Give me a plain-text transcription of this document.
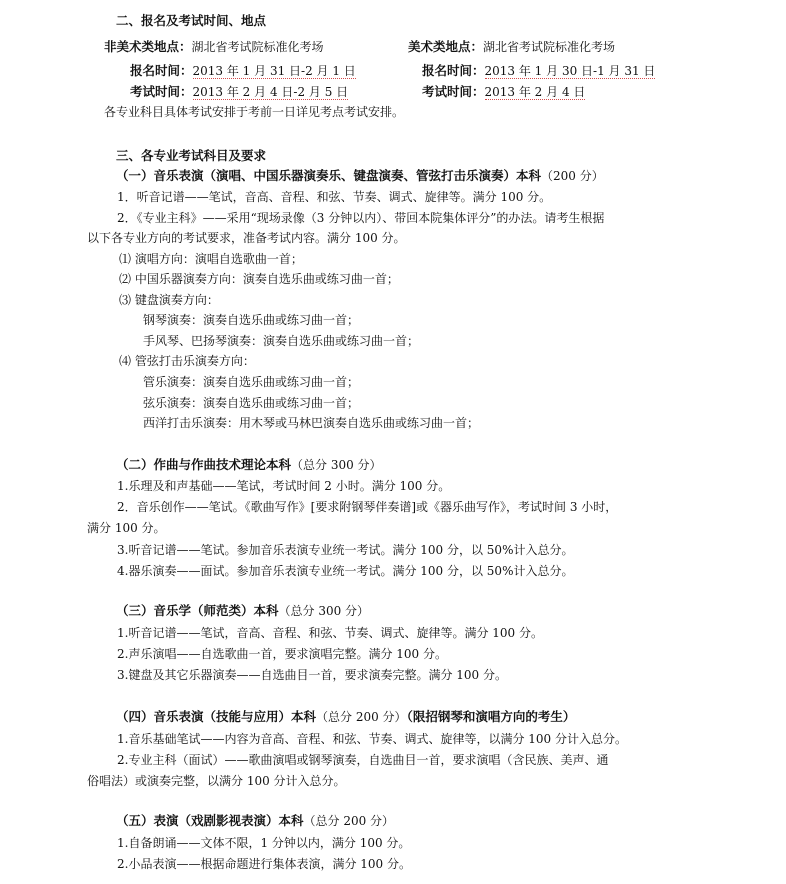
二、报名及考试时间、地点
非美术类地点：湖北省考试院标准化考场	美术类地点：湖北省考试院标准化考场
报名时间：2013 年 1 月 31 日-2 月 1 日	报名时间：2013 年 1 月 30 日-1 月 31 日
考试时间：2013 年 2 月 4 日-2 月 5 日	考试时间：2013 年 2 月 4 日
各专业科目具体考试安排于考前一日详见考点考试安排。
三、各专业考试科目及要求
（一）音乐表演（演唱、中国乐器演奏乐、键盘演奏、管弦打击乐演奏）本科（200 分）
1．听音记谱——笔试，音高、音程、和弦、节奏、调式、旋律等。满分 100 分。
2．《专业主科》——采用“现场录像（3 分钟以内）、带回本院集体评分”的办法。请考生根据
以下各专业方向的考试要求，准备考试内容。满分 100 分。
⑴ 演唱方向：演唱自选歌曲一首；
⑵ 中国乐器演奏方向：演奏自选乐曲或练习曲一首；
⑶ 键盘演奏方向：
钢琴演奏：演奏自选乐曲或练习曲一首；
手风琴、巴扬琴演奏：演奏自选乐曲或练习曲一首；
⑷ 管弦打击乐演奏方向：
管乐演奏：演奏自选乐曲或练习曲一首；
弦乐演奏：演奏自选乐曲或练习曲一首；
西洋打击乐演奏：用木琴或马林巴演奏自选乐曲或练习曲一首；
（二）作曲与作曲技术理论本科（总分 300 分）
1.乐理及和声基础——笔试，考试时间 2 小时。满分 100 分。
2．音乐创作——笔试。《歌曲写作》[要求附钢琴伴奏谱]或《器乐曲写作》，考试时间 3 小时，
满分 100 分。
3.听音记谱——笔试。参加音乐表演专业统一考试。满分 100 分，以 50%计入总分。
4.器乐演奏——面试。参加音乐表演专业统一考试。满分 100 分，以 50%计入总分。
（三）音乐学（师范类）本科（总分 300 分）
1.听音记谱——笔试，音高、音程、和弦、节奏、调式、旋律等。满分 100 分。
2.声乐演唱——自选歌曲一首，要求演唱完整。满分 100 分。
3.键盘及其它乐器演奏——自选曲目一首，要求演奏完整。满分 100 分。
（四）音乐表演（技能与应用）本科（总分 200 分）（限招钢琴和演唱方向的考生）
1.音乐基础笔试——内容为音高、音程、和弦、节奏、调式、旋律等，以满分 100 分计入总分。
2.专业主科（面试）——歌曲演唱或钢琴演奏，自选曲目一首，要求演唱（含民族、美声、通
俗唱法）或演奏完整，以满分 100 分计入总分。
（五）表演（戏剧影视表演）本科（总分 200 分）
1.自备朗诵——文体不限，1 分钟以内，满分 100 分。
2.小品表演——根据命题进行集体表演，满分 100 分。
